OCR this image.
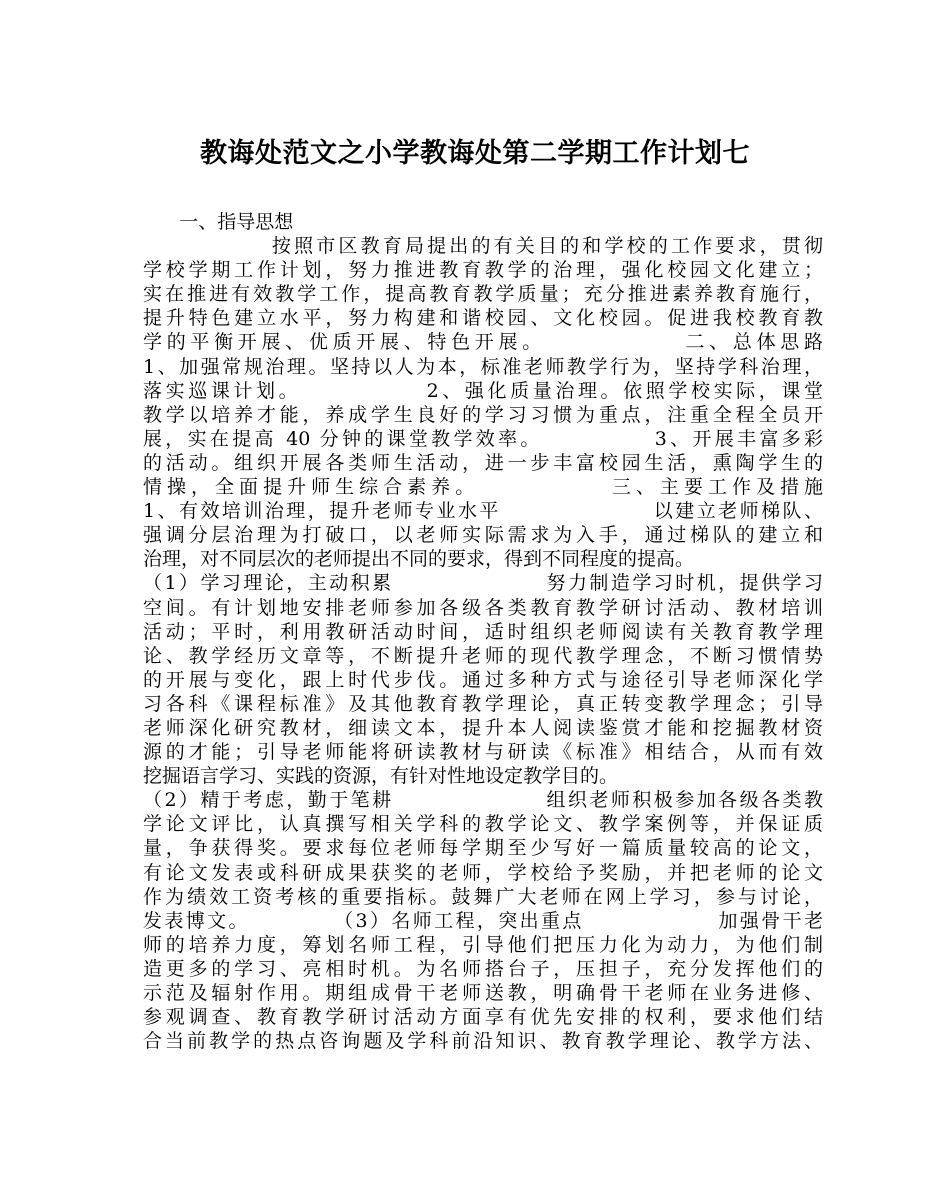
教诲处范文之小学教诲处第二学期工作计划七
一、指导思想
按照市区教育局提出的有关目的和学校的工作要求，贯彻
学校学期工作计划，努力推进教育教学的治理，强化校园文化建立；
实在推进有效教学工作，提高教育教学质量；充分推进素养教育施行，
提升特色建立水平，努力构建和谐校园、文化校园。促进我校教育教
学的平衡开展、优质开展、特色开展。             二、总体思路
1、加强常规治理。坚持以人为本，标准老师教学行为，坚持学科治理，
落实巡课计划。             2、强化质量治理。依照学校实际，课堂
教学以培养才能，养成学生良好的学习习惯为重点，注重全程全员开
展，实在提高 40 分钟的课堂教学效率。            3、开展丰富多彩
的活动。组织开展各类师生活动，进一步丰富校园生活，熏陶学生的
情操，全面提升师生综合素养。            三、主要工作及措施
1、有效培训治理，提升老师专业水平                  以建立老师梯队、
强调分层治理为打破口，以老师实际需求为入手，通过梯队的建立和
治理，对不同层次的老师提出不同的要求，得到不同程度的提高。
（1）学习理论，主动积累                  努力制造学习时机，提供学习
空间。有计划地安排老师参加各级各类教育教学研讨活动、教材培训
活动；平时，利用教研活动时间，适时组织老师阅读有关教育教学理
论、教学经历文章等，不断提升老师的现代教学理念，不断习惯情势
的开展与变化，跟上时代步伐。通过多种方式与途径引导老师深化学
习各科《课程标准》及其他教育教学理论，真正转变教学理念；引导
老师深化研究教材，细读文本，提升本人阅读鉴赏才能和挖掘教材资
源的才能；引导老师能将研读教材与研读《标准》相结合，从而有效
挖掘语言学习、实践的资源，有针对性地设定教学目的。
（2）精于考虑，勤于笔耕                  组织老师积极参加各级各类教
学论文评比，认真撰写相关学科的教学论文、教学案例等，并保证质
量，争获得奖。要求每位老师每学期至少写好一篇质量较高的论文，
有论文发表或科研成果获奖的老师，学校给予奖励，并把老师的论文
作为绩效工资考核的重要指标。鼓舞广大老师在网上学习，参与讨论，
发表博文。          （3）名师工程，突出重点                加强骨干老
师的培养力度，筹划名师工程，引导他们把压力化为动力，为他们制
造更多的学习、亮相时机。为名师搭台子，压担子，充分发挥他们的
示范及辐射作用。期组成骨干老师送教，明确骨干老师在业务进修、
参观调查、教育教学研讨活动方面享有优先安排的权利，要求他们结
合当前教学的热点咨询题及学科前沿知识、教育教学理论、教学方法、
